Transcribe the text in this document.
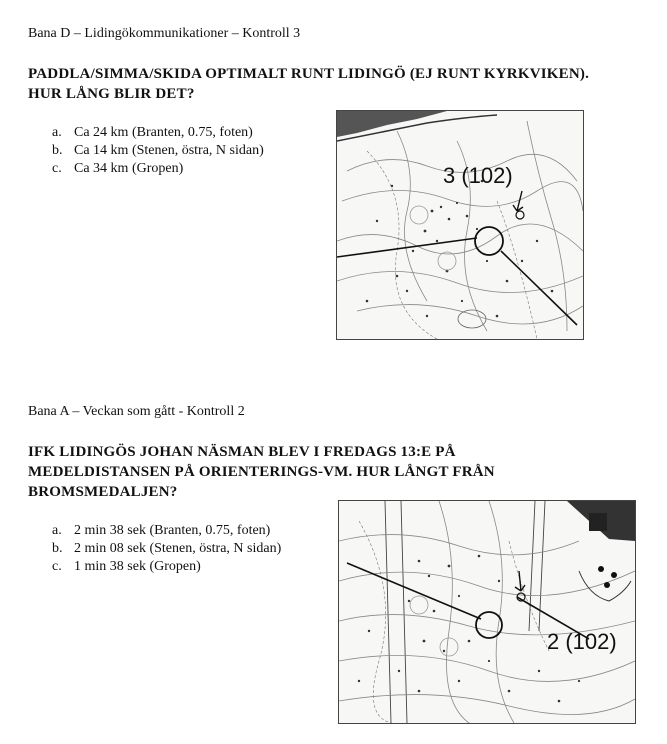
Bana D – Lidingökommunikationer – Kontroll 3
PADDLA/SIMMA/SKIDA OPTIMALT RUNT LIDINGÖ (EJ RUNT KYRKVIKEN).
HUR LÅNG BLIR DET?
a. Ca 24 km (Branten, 0.75, foten)
b. Ca 14 km (Stenen, östra, N sidan)
c. Ca 34 km (Gropen)	3 (102)
Bana A – Veckan som gått - Kontroll 2
IFK LIDINGÖS JOHAN NÄSMAN BLEV I FREDAGS 13:E PÅ
MEDELDISTANSEN PÅ ORIENTERINGS-VM. HUR LÅNGT FRÅN
BROMSMEDALJEN?
a. 2 min 38 sek (Branten, 0.75, foten)
b. 2 min 08 sek (Stenen, östra, N sidan)
c. 1 min 38 sek (Gropen)
2 (102)
